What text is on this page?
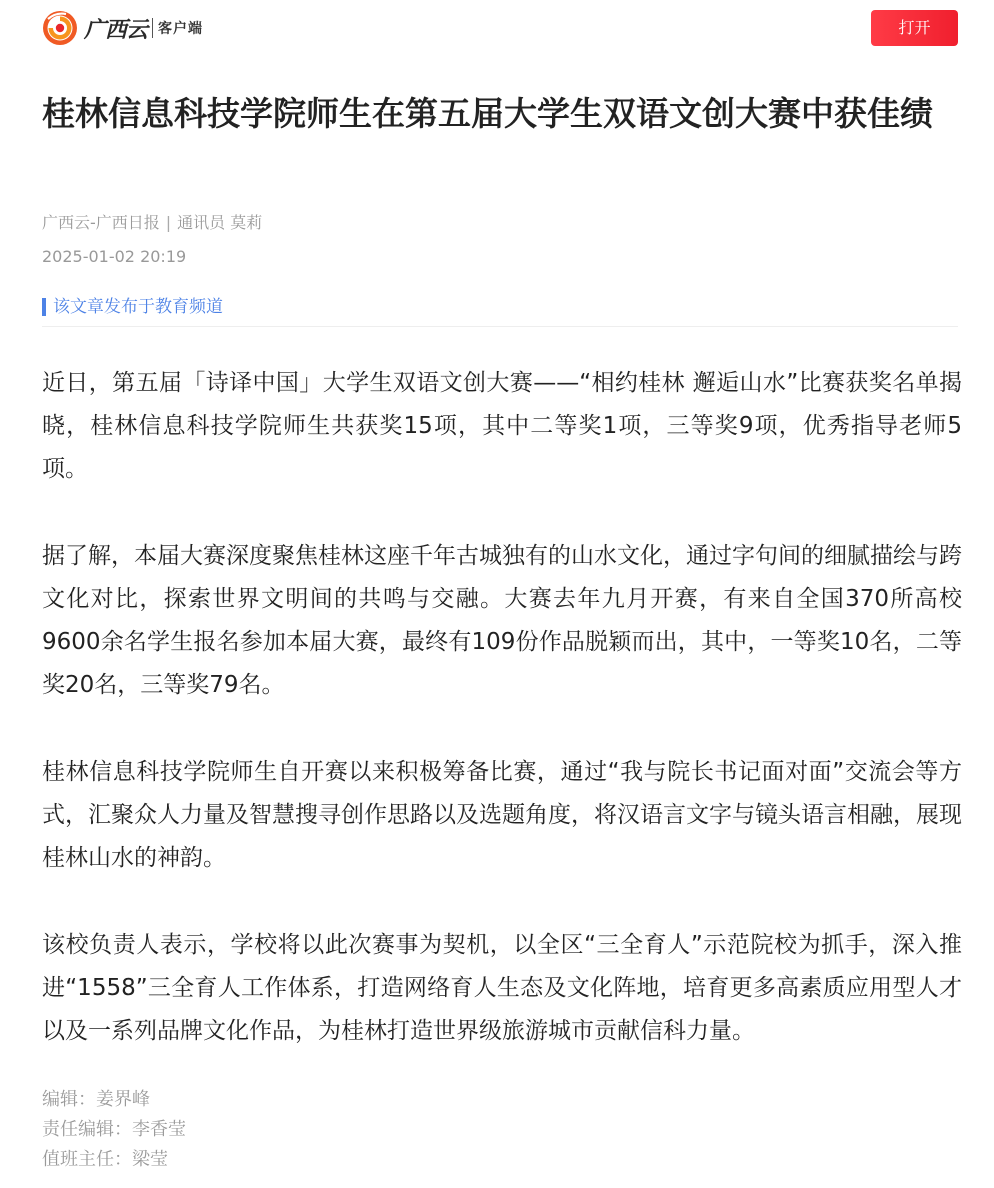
广西云 客户端	打开
桂林信息科技学院师生在第五届大学生双语文创大赛中获佳绩
广西云-广西日报 | 通讯员 莫莉
2025-01-02 20:19
该文章发布于教育频道

近日，第五届「诗译中国」大学生双语文创大赛——“相约桂林 邂逅山水”比赛获奖名单揭晓，桂林信息科技学院师生共获奖15项，其中二等奖1项，三等奖9项，优秀指导老师5项。

据了解，本届大赛深度聚焦桂林这座千年古城独有的山水文化，通过字句间的细腻描绘与跨文化对比，探索世界文明间的共鸣与交融。大赛去年九月开赛，有来自全国370所高校9600余名学生报名参加本届大赛，最终有109份作品脱颖而出，其中，一等奖10名，二等奖20名，三等奖79名。

桂林信息科技学院师生自开赛以来积极筹备比赛，通过“我与院长书记面对面”交流会等方式，汇聚众人力量及智慧搜寻创作思路以及选题角度，将汉语言文字与镜头语言相融，展现桂林山水的神韵。

该校负责人表示，学校将以此次赛事为契机，以全区“三全育人”示范院校为抓手，深入推进“1558”三全育人工作体系，打造网络育人生态及文化阵地，培育更多高素质应用型人才以及一系列品牌文化作品，为桂林打造世界级旅游城市贡献信科力量。

编辑：姜界峰
责任编辑：李香莹
值班主任：梁莹
